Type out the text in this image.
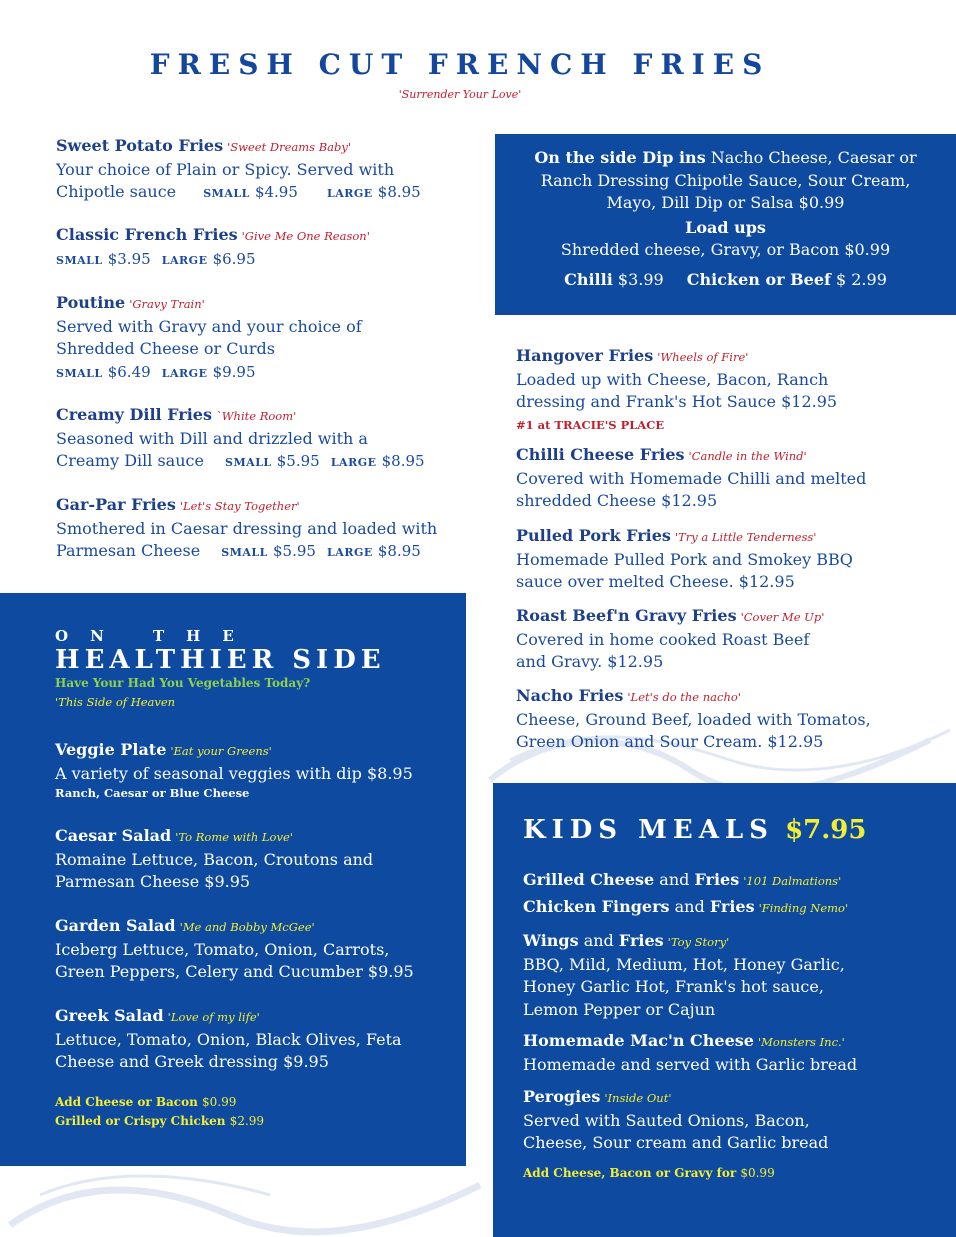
FRESH CUT FRENCH FRIES
'Surrender Your Love'
Sweet Potato Fries 'Sweet Dreams Baby'
Your choice of Plain or Spicy. Served with
Chipotle sauce SMALL $4.95	LARGE $8.95
Classic French Fries 'Give Me One Reason'
SMALL $3.95 LARGE $6.95
Poutine 'Gravy Train'
Served with Gravy and your choice of
Shredded Cheese or Curds
SMALL $6.49 LARGE $9.95
Creamy Dill Fries `White Room'
Seasoned with Dill and drizzled with a
Creamy Dill sauce SMALL $5.95 LARGE $8.95
Gar-Par Fries 'Let's Stay Together'
Smothered in Caesar dressing and loaded with
Parmesan Cheese SMALL $5.95 LARGE $8.95
On the side Dip ins Nacho Cheese, Caesar or
Ranch Dressing Chipotle Sauce, Sour Cream,
Mayo, Dill Dip or Salsa $0.99
Load ups
Shredded cheese, Gravy, or Bacon $0.99
Chilli $3.99 Chicken or Beef $ 2.99
Hangover Fries 'Wheels of Fire'
Loaded up with Cheese, Bacon, Ranch
dressing and Frank's Hot Sauce $12.95
#1 at TRACIE'S PLACE
Chilli Cheese Fries 'Candle in the Wind'
Covered with Homemade Chilli and melted
shredded Cheese $12.95
Pulled Pork Fries 'Try a Little Tenderness'
Homemade Pulled Pork and Smokey BBQ
sauce over melted Cheese. $12.95
Roast Beef'n Gravy Fries 'Cover Me Up'
Covered in home cooked Roast Beef
and Gravy. $12.95
Nacho Fries 'Let's do the nacho'
Cheese, Ground Beef, loaded with Tomatos,
Green Onion and Sour Cream. $12.95
ON THE
HEALTHIER SIDE
Have Your Had You Vegetables Today?
'This Side of Heaven
Veggie Plate 'Eat your Greens'
A variety of seasonal veggies with dip $8.95
Ranch, Caesar or Blue Cheese
Caesar Salad 'To Rome with Love'
Romaine Lettuce, Bacon, Croutons and
Parmesan Cheese $9.95
Garden Salad 'Me and Bobby McGee'
Iceberg Lettuce, Tomato, Onion, Carrots,
Green Peppers, Celery and Cucumber $9.95
Greek Salad 'Love of my life'
Lettuce, Tomato, Onion, Black Olives, Feta
Cheese and Greek dressing $9.95
Add Cheese or Bacon $0.99
Grilled or Crispy Chicken $2.99
KIDS MEALS $7.95
Grilled Cheese and Fries '101 Dalmations'
Chicken Fingers and Fries 'Finding Nemo'
Wings and Fries 'Toy Story'
BBQ, Mild, Medium, Hot, Honey Garlic,
Honey Garlic Hot, Frank's hot sauce,
Lemon Pepper or Cajun
Homemade Mac'n Cheese 'Monsters Inc.'
Homemade and served with Garlic bread
Perogies 'Inside Out'
Served with Sauted Onions, Bacon,
Cheese, Sour cream and Garlic bread
Add Cheese, Bacon or Gravy for $0.99
